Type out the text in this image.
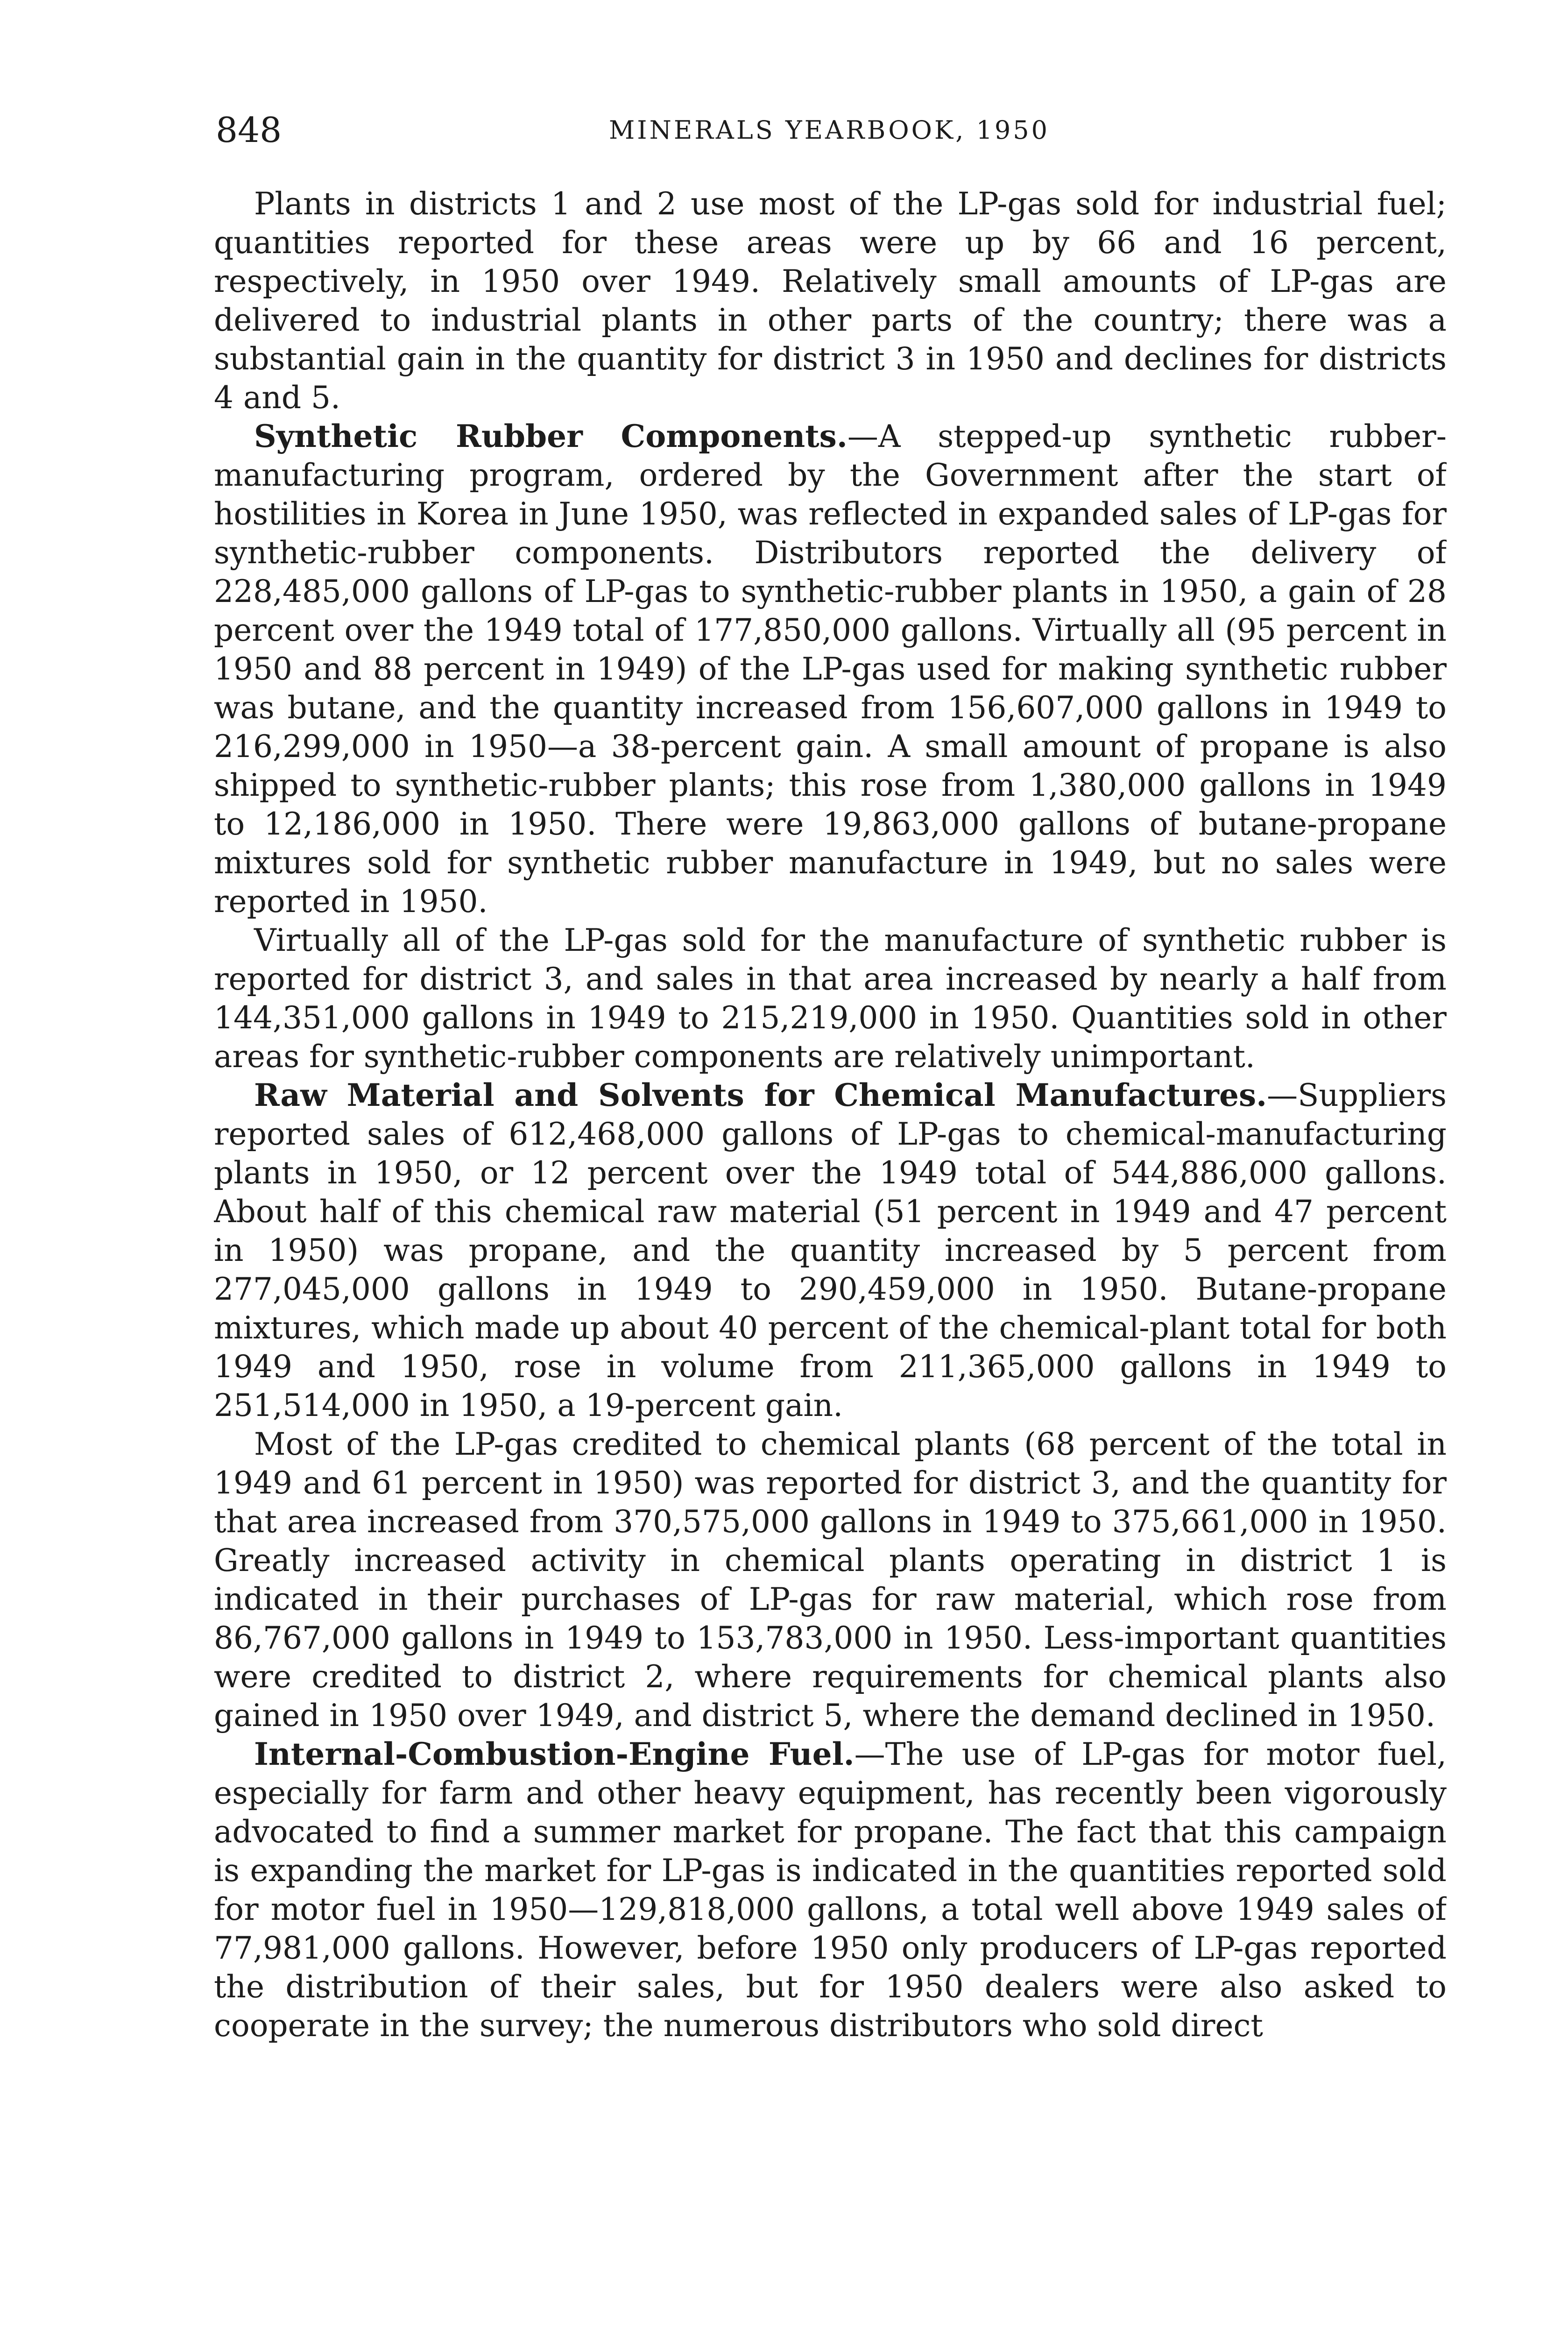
848	MINERALS YEARBOOK, 1950

Plants in districts 1 and 2 use most of the LP-gas sold for industrial fuel; quantities reported for these areas were up by 66 and 16 percent, respectively, in 1950 over 1949. Relatively small amounts of LP-gas are delivered to industrial plants in other parts of the country; there was a substantial gain in the quantity for district 3 in 1950 and declines for districts 4 and 5.

Synthetic Rubber Components.—A stepped-up synthetic rubber-manufacturing program, ordered by the Government after the start of hostilities in Korea in June 1950, was reflected in expanded sales of LP-gas for synthetic-rubber components. Distributors reported the delivery of 228,485,000 gallons of LP-gas to synthetic-rubber plants in 1950, a gain of 28 percent over the 1949 total of 177,850,000 gallons. Virtually all (95 percent in 1950 and 88 percent in 1949) of the LP-gas used for making synthetic rubber was butane, and the quantity increased from 156,607,000 gallons in 1949 to 216,299,000 in 1950—a 38-percent gain. A small amount of propane is also shipped to synthetic-rubber plants; this rose from 1,380,000 gallons in 1949 to 12,186,000 in 1950. There were 19,863,000 gallons of butane-propane mixtures sold for synthetic rubber manufacture in 1949, but no sales were reported in 1950.

Virtually all of the LP-gas sold for the manufacture of synthetic rubber is reported for district 3, and sales in that area increased by nearly a half from 144,351,000 gallons in 1949 to 215,219,000 in 1950. Quantities sold in other areas for synthetic-rubber components are relatively unimportant.

Raw Material and Solvents for Chemical Manufactures.—Suppliers reported sales of 612,468,000 gallons of LP-gas to chemical-manufacturing plants in 1950, or 12 percent over the 1949 total of 544,886,000 gallons. About half of this chemical raw material (51 percent in 1949 and 47 percent in 1950) was propane, and the quantity increased by 5 percent from 277,045,000 gallons in 1949 to 290,459,000 in 1950. Butane-propane mixtures, which made up about 40 percent of the chemical-plant total for both 1949 and 1950, rose in volume from 211,365,000 gallons in 1949 to 251,514,000 in 1950, a 19-percent gain.

Most of the LP-gas credited to chemical plants (68 percent of the total in 1949 and 61 percent in 1950) was reported for district 3, and the quantity for that area increased from 370,575,000 gallons in 1949 to 375,661,000 in 1950. Greatly increased activity in chemical plants operating in district 1 is indicated in their purchases of LP-gas for raw material, which rose from 86,767,000 gallons in 1949 to 153,783,000 in 1950. Less-important quantities were credited to district 2, where requirements for chemical plants also gained in 1950 over 1949, and district 5, where the demand declined in 1950.

Internal-Combustion-Engine Fuel.—The use of LP-gas for motor fuel, especially for farm and other heavy equipment, has recently been vigorously advocated to find a summer market for propane. The fact that this campaign is expanding the market for LP-gas is indicated in the quantities reported sold for motor fuel in 1950—129,818,000 gallons, a total well above 1949 sales of 77,981,000 gallons. However, before 1950 only producers of LP-gas reported the distribution of their sales, but for 1950 dealers were also asked to cooperate in the survey; the numerous distributors who sold direct
